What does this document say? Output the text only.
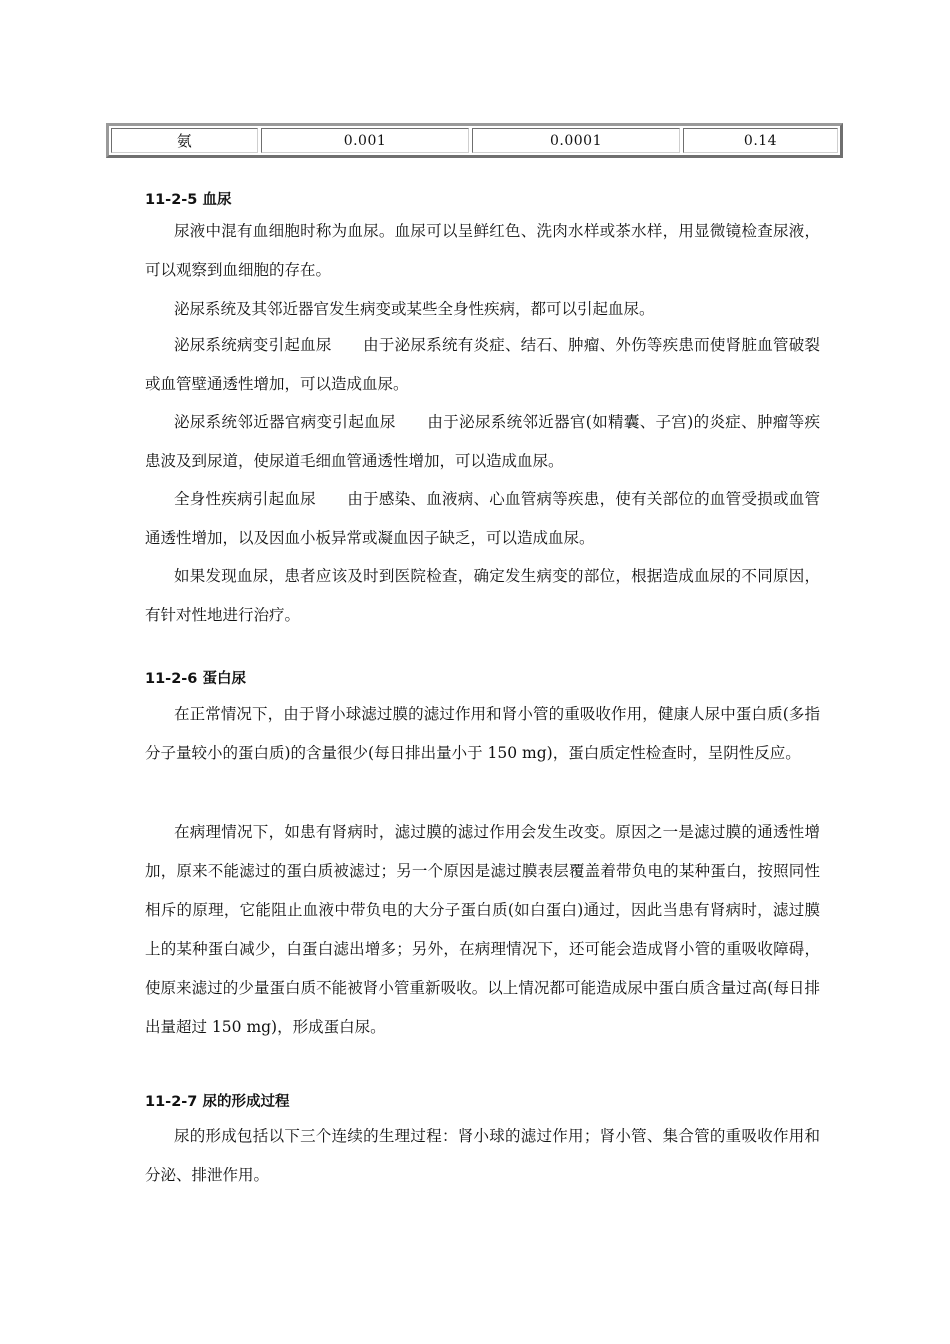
氨	0.001	0.0001	0.14
11-2-5 血尿

尿液中混有血细胞时称为血尿。血尿可以呈鲜红色、洗肉水样或茶水样，用显微镜检查尿液，可以观察到血细胞的存在。

泌尿系统及其邻近器官发生病变或某些全身性疾病，都可以引起血尿。

泌尿系统病变引起血尿　　由于泌尿系统有炎症、结石、肿瘤、外伤等疾患而使肾脏血管破裂或血管壁通透性增加，可以造成血尿。

泌尿系统邻近器官病变引起血尿　　由于泌尿系统邻近器官(如精囊、子宫)的炎症、肿瘤等疾患波及到尿道，使尿道毛细血管通透性增加，可以造成血尿。

全身性疾病引起血尿　　由于感染、血液病、心血管病等疾患，使有关部位的血管受损或血管通透性增加，以及因血小板异常或凝血因子缺乏，可以造成血尿。

如果发现血尿，患者应该及时到医院检查，确定发生病变的部位，根据造成血尿的不同原因，有针对性地进行治疗。

11-2-6 蛋白尿

在正常情况下，由于肾小球滤过膜的滤过作用和肾小管的重吸收作用，健康人尿中蛋白质(多指分子量较小的蛋白质)的含量很少(每日排出量小于 150 mg)，蛋白质定性检查时，呈阴性反应。

在病理情况下，如患有肾病时，滤过膜的滤过作用会发生改变。原因之一是滤过膜的通透性增加，原来不能滤过的蛋白质被滤过；另一个原因是滤过膜表层覆盖着带负电的某种蛋白，按照同性相斥的原理，它能阻止血液中带负电的大分子蛋白质(如白蛋白)通过，因此当患有肾病时，滤过膜上的某种蛋白减少，白蛋白滤出增多；另外，在病理情况下，还可能会造成肾小管的重吸收障碍，使原来滤过的少量蛋白质不能被肾小管重新吸收。以上情况都可能造成尿中蛋白质含量过高(每日排出量超过 150 mg)，形成蛋白尿。

11-2-7 尿的形成过程

尿的形成包括以下三个连续的生理过程：肾小球的滤过作用；肾小管、集合管的重吸收作用和分泌、排泄作用。
